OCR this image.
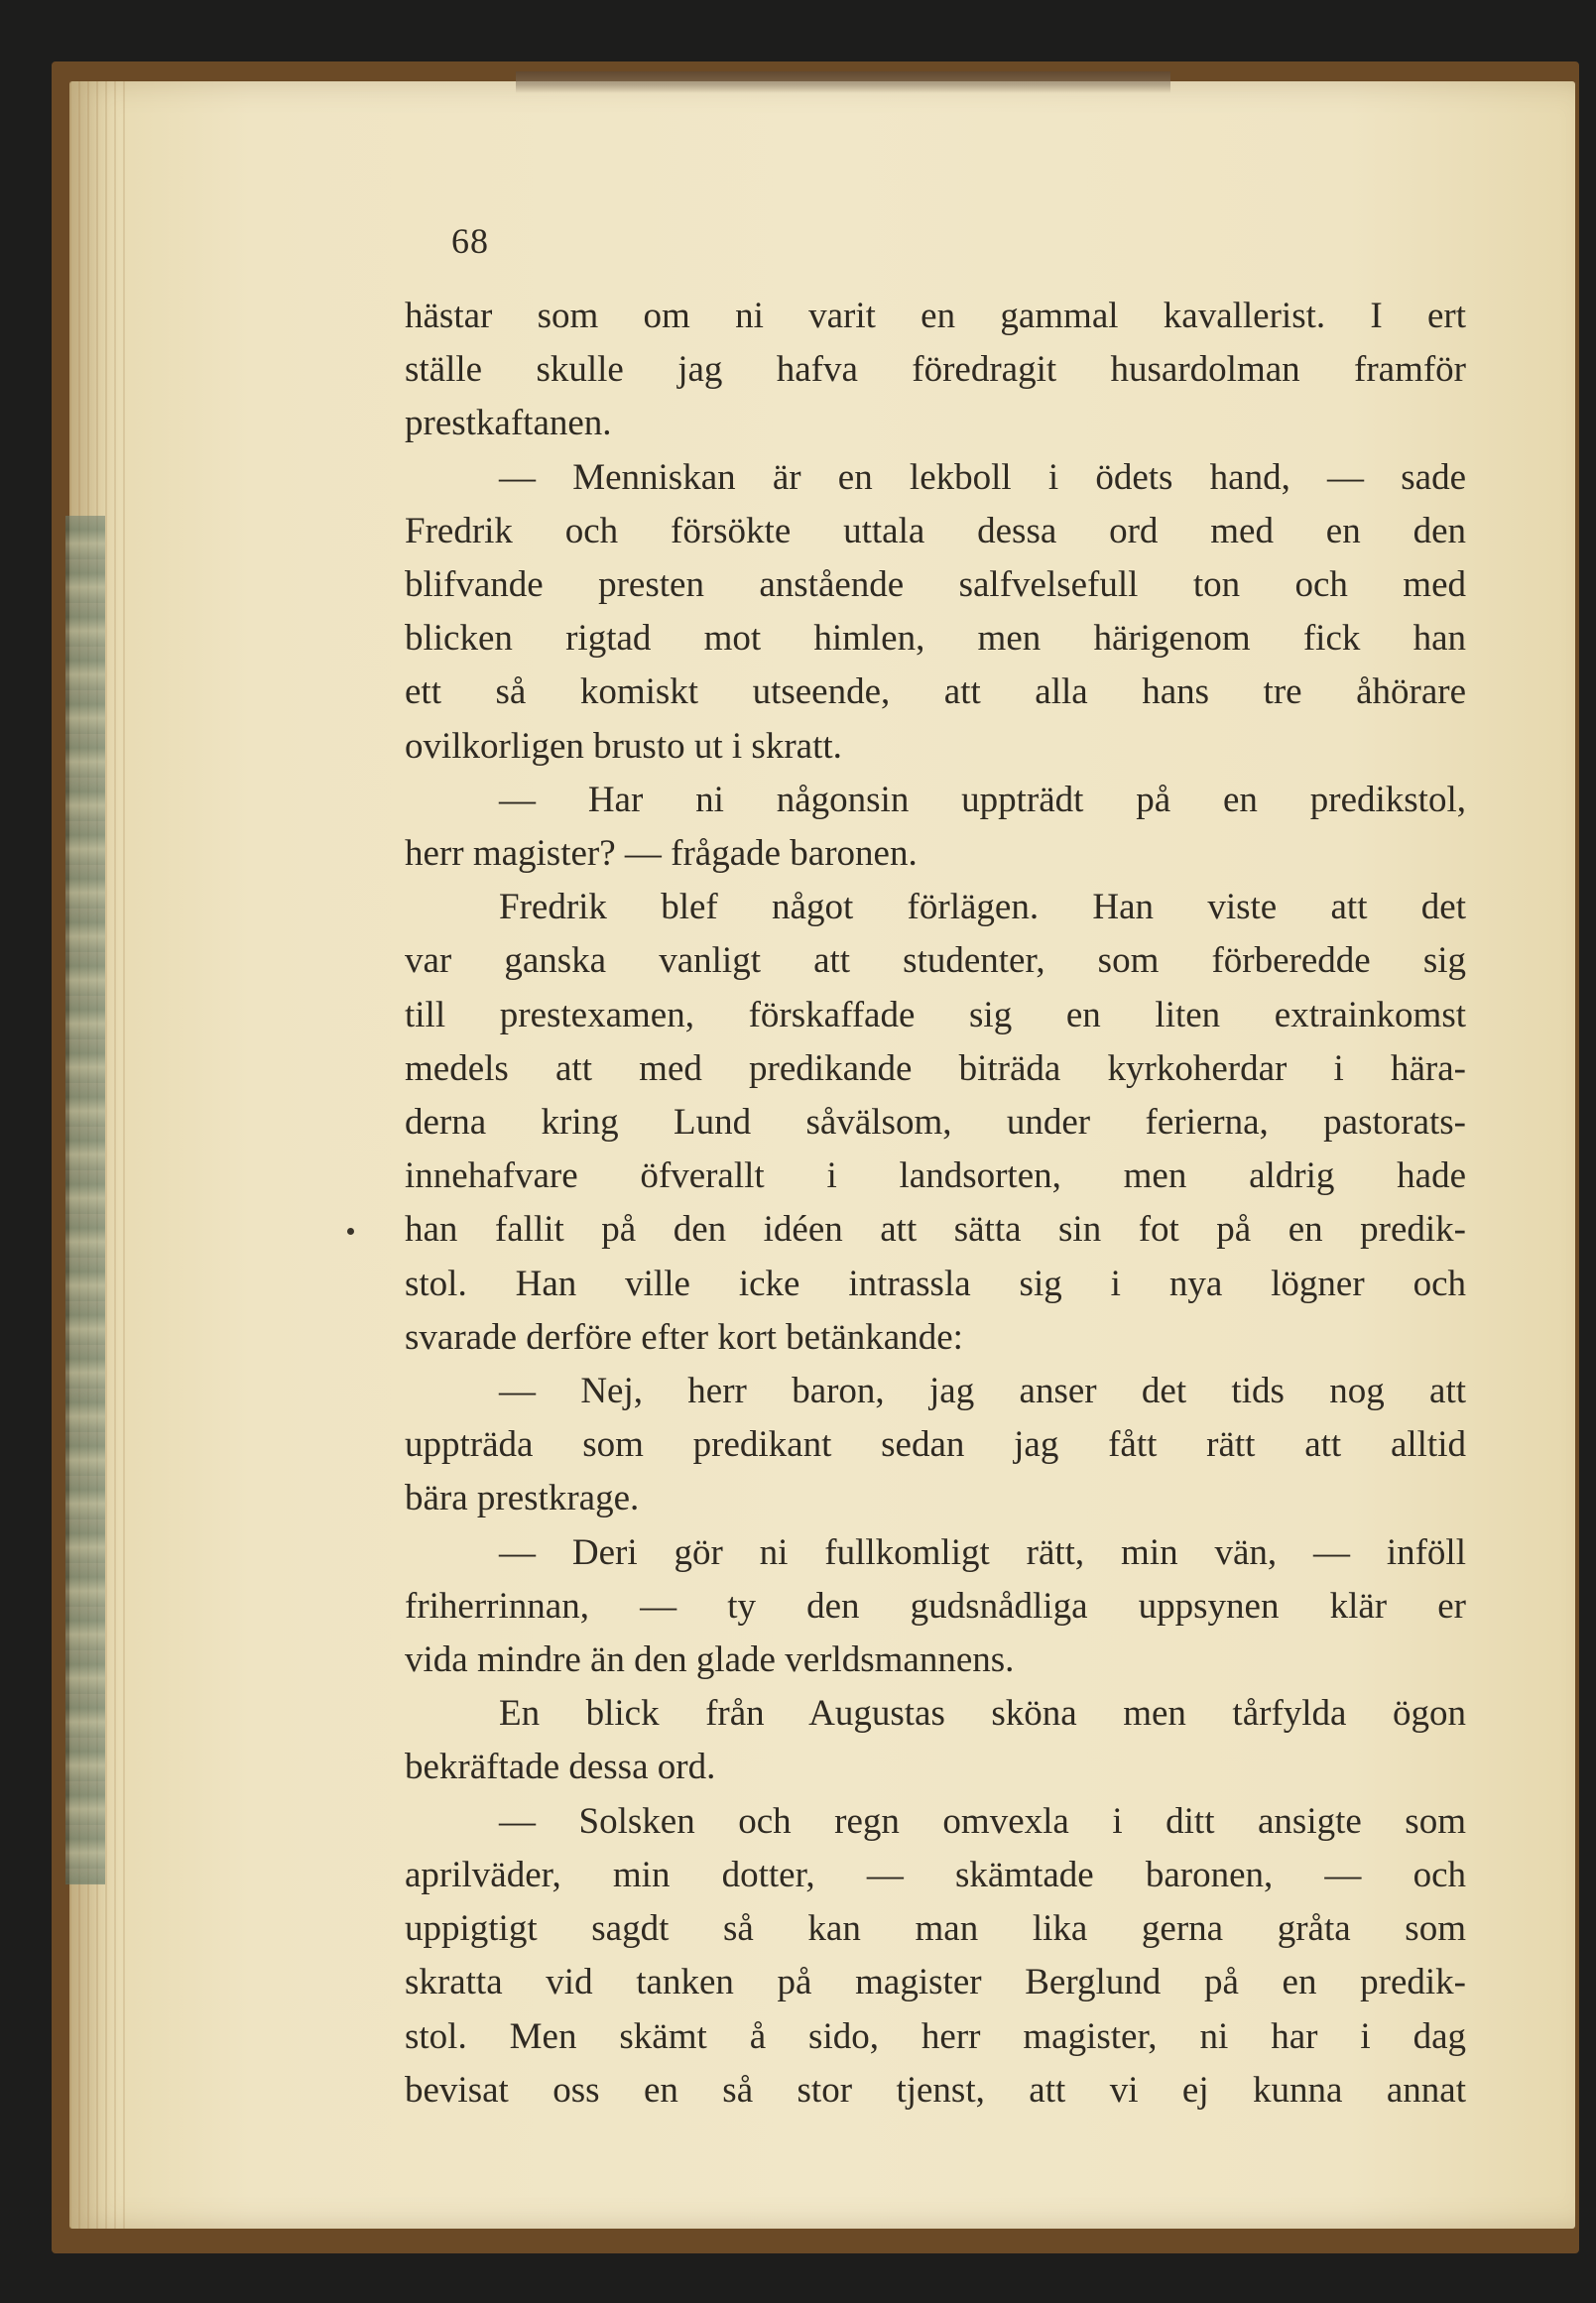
68
hästar som om ni varit en gammal kavallerist. I ert
ställe skulle jag hafva föredragit husardolman framför
prestkaftanen.
— Menniskan är en lekboll i ödets hand, — sade
Fredrik och försökte uttala dessa ord med en den
blifvande presten anstående salfvelsefull ton och med
blicken rigtad mot himlen, men härigenom fick han
ett så komiskt utseende, att alla hans tre åhörare
ovilkorligen brusto ut i skratt.
— Har ni någonsin uppträdt på en predikstol,
herr magister? — frågade baronen.
Fredrik blef något förlägen. Han viste att det
var ganska vanligt att studenter, som förberedde sig
till prestexamen, förskaffade sig en liten extrainkomst
medels att med predikande biträda kyrkoherdar i hära-
derna kring Lund såvälsom, under ferierna, pastorats-
innehafvare öfverallt i landsorten, men aldrig hade
han fallit på den idéen att sätta sin fot på en predik-
stol. Han ville icke intrassla sig i nya lögner och
svarade derföre efter kort betänkande:
— Nej, herr baron, jag anser det tids nog att
uppträda som predikant sedan jag fått rätt att alltid
bära prestkrage.
— Deri gör ni fullkomligt rätt, min vän, — inföll
friherrinnan, — ty den gudsnådliga uppsynen klär er
vida mindre än den glade verldsmannens.
En blick från Augustas sköna men tårfylda ögon
bekräftade dessa ord.
— Solsken och regn omvexla i ditt ansigte som
aprilväder, min dotter, — skämtade baronen, — och
uppigtigt sagdt så kan man lika gerna gråta som
skratta vid tanken på magister Berglund på en predik-
stol. Men skämt å sido, herr magister, ni har i dag
bevisat oss en så stor tjenst, att vi ej kunna annat
